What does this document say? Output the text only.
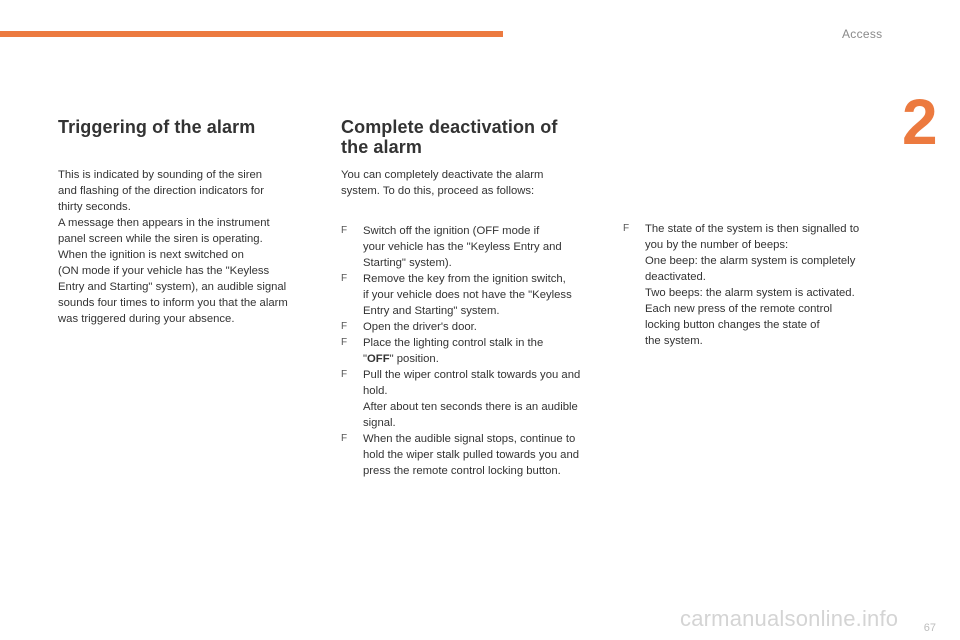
Access
2
Triggering of the alarm
This is indicated by sounding of the siren
and flashing of the direction indicators for
thirty seconds.
A message then appears in the instrument
panel screen while the siren is operating.
When the ignition is next switched on
(ON mode if your vehicle has the "Keyless
Entry and Starting" system), an audible signal
sounds four times to inform you that the alarm
was triggered during your absence.
Complete deactivation of
the alarm
You can completely deactivate the alarm
system. To do this, proceed as follows:
F Switch off the ignition (OFF mode if
your vehicle has the "Keyless Entry and
Starting" system).
F Remove the key from the ignition switch,
if your vehicle does not have the "Keyless
Entry and Starting" system.
F Open the driver's door.
F Place the lighting control stalk in the
"OFF" position.
F Pull the wiper control stalk towards you and
hold.
After about ten seconds there is an audible
signal.
F When the audible signal stops, continue to
hold the wiper stalk pulled towards you and
press the remote control locking button.
F The state of the system is then signalled to
you by the number of beeps:
One beep: the alarm system is completely
deactivated.
Two beeps: the alarm system is activated.
Each new press of the remote control
locking button changes the state of
the system.
carmanualsonline.info 67
